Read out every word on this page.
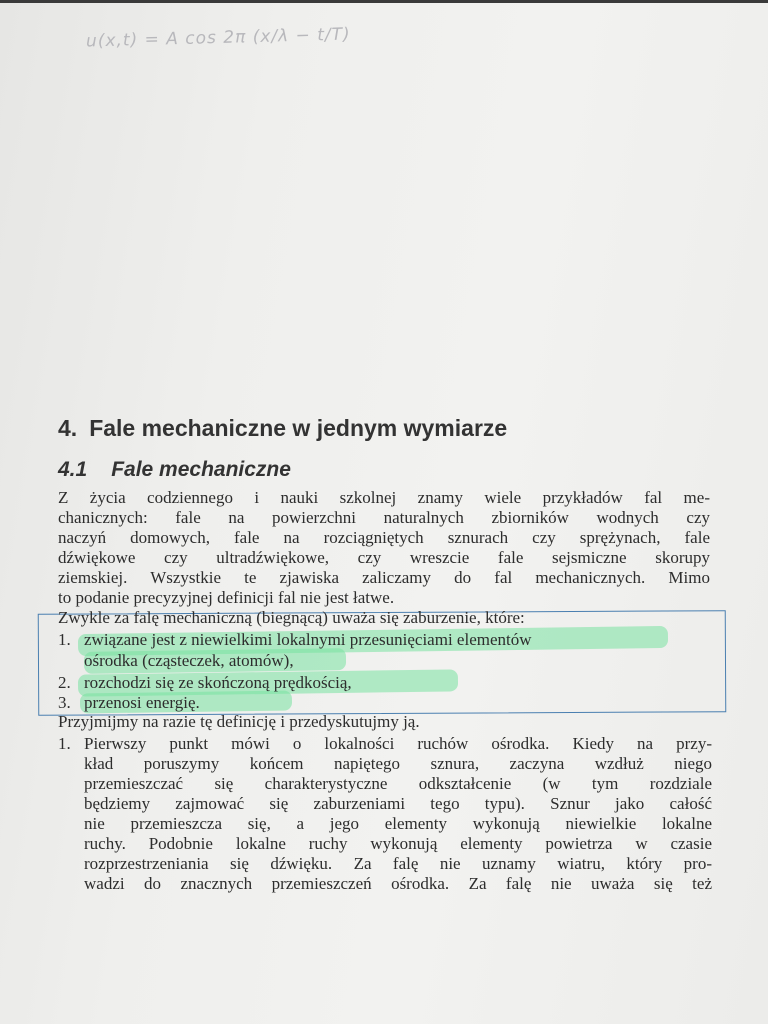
u(x,t) = A cos 2π (x/λ − t/T)
4. Fale mechaniczne w jednym wymiarze
4.1 Fale mechaniczne
Z życia codziennego i nauki szkolnej znamy wiele przykładów fal me-
chanicznych: fale na powierzchni naturalnych zbiorników wodnych czy
naczyń domowych, fale na rozciągniętych sznurach czy sprężynach, fale
dźwiękowe czy ultradźwiękowe, czy wreszcie fale sejsmiczne skorupy
ziemskiej. Wszystkie te zjawiska zaliczamy do fal mechanicznych. Mimo
to podanie precyzyjnej definicji fal nie jest łatwe.
Zwykle za falę mechaniczną (biegnącą) uważa się zaburzenie, które:
1. związane jest z niewielkimi lokalnymi przesunięciami elementów
ośrodka (cząsteczek, atomów),
2. rozchodzi się ze skończoną prędkością,
3. przenosi energię.
Przyjmijmy na razie tę definicję i przedyskutujmy ją.
1. Pierwszy punkt mówi o lokalności ruchów ośrodka. Kiedy na przy-
kład poruszymy końcem napiętego sznura, zaczyna wzdłuż niego
przemieszczać się charakterystyczne odkształcenie (w tym rozdziale
będziemy zajmować się zaburzeniami tego typu). Sznur jako całość
nie przemieszcza się, a jego elementy wykonują niewielkie lokalne
ruchy. Podobnie lokalne ruchy wykonują elementy powietrza w czasie
rozprzestrzeniania się dźwięku. Za falę nie uznamy wiatru, który pro-
wadzi do znacznych przemieszczeń ośrodka. Za falę nie uważa się też
